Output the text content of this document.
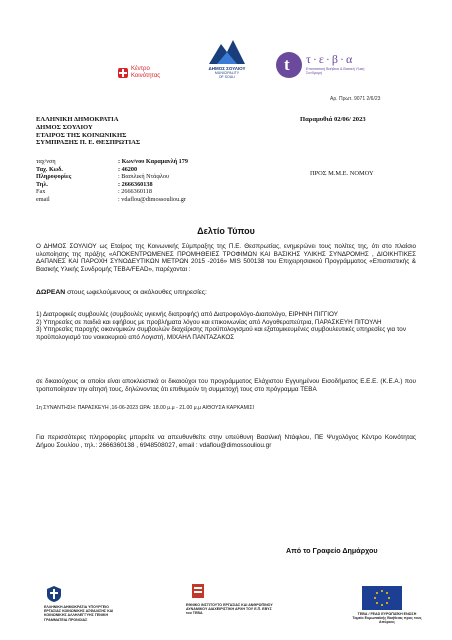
Κέντρο
Κοινότητας
ΔΗΜΟΣ ΣΟΥΛΙΟΥ
MUNICIPALITY
OF SOULI
t
τ·ε·β·α
Επισιτιστική Βοήθεια & Βασική Υλική Συνδρομή
Αρ. Πρωτ. 9071 2/6/23
ΕΛΛΗΝΙΚΗ ΔΗΜΟΚΡΑΤΙΑ
ΔΗΜΟΣ ΣΟΥΛΙΟΥ
ΕΤΑΙΡΟΣ ΤΗΣ ΚΟΙΝΩΝΙΚΗΣ
ΣΥΜΠΡΑΞΗΣ Π. Ε. ΘΕΣΠΡΩΤΙΑΣ
Παραμυθιά 02/06/ 2023
ταχ/νση	: Κων/νου Καραμανλή 179
Ταχ. Κωδ.	: 46200
Πληροφορίες	: Βασιλική Ντάφλου
Τηλ.	: 2666360138
Fax	: 2666360118
email	: vdaflou@dimossouliou.gr
ΠΡΟΣ Μ.Μ.Ε. ΝΟΜΟΥ
Δελτίο Τύπου
Ο ΔΗΜΟΣ ΣΟΥΛΙΟΥ ως Εταίρος της Κοινωνικής Σύμπραξης της Π.Ε. Θεσπρωτίας, ενημερώνει τους πολίτες της, ότι στο πλαίσιο υλοποίησης της πράξης «ΑΠΟΚΕΝΤΡΩΜΕΝΕΣ ΠΡΟΜΗΘΕΙΕΣ ΤΡΟΦΙΜΩΝ ΚΑΙ ΒΑΣΙΚΗΣ ΥΛΙΚΗΣ ΣΥΝΔΡΟΜΗΣ , ΔΙΟΙΚΗΤΙΚΕΣ ΔΑΠΑΝΕΣ ΚΑΙ ΠΑΡΟΧΗ ΣΥΝΟΔΕΥΤΙΚΩΝ ΜΕΤΡΩΝ 2015 -2016» MIS 500138 του Επιχειρησιακού Προγράμματος «Επισιτιστικής & Βασικής Υλικής Συνδρομής ΤΕΒΑ/FEAD», παρέχονται :
ΔΩΡΕΑΝ στους ωφελούμενους οι ακόλουθες υπηρεσίες:
1) Διατροφικές συμβουλές (συμβουλές υγιεινής διατροφής) από Διατροφολόγο-Διαιτολόγο, ΕΙΡΗΝΗ ΠΙΓΓΙΟΥ
2) Υπηρεσίες σε παιδιά και εφήβους με προβλήματα λόγου και επικοινωνίας από Λογοθεραπεύτρια, ΠΑΡΑΣΚΕΥΗ ΠΙΤΟΥΛΗ
3) Υπηρεσίες παροχής οικονομικών συμβουλών διαχείρισης προϋπολογισμού και εξατομικευμένες συμβουλευτικές υπηρεσίες για τον προϋπολογισμό του νοικοκυριού από Λογιστή, ΜΙΧΑΗΛ ΠΑΝΤΑΖΑΚΟΣ
σε δικαιούχους οι οποίοι είναι αποκλειστικά οι δικαιούχοι του προγράμματος Ελάχιστου Εγγυημένου Εισοδήματος Ε.Ε.Ε. (Κ.Ε.Α.) που τροποποίησαν την αίτησή τους, δηλώνοντας ότι επιθυμούν τη συμμετοχή τους στο πρόγραμμα ΤΕΒΑ
1η ΣΥΝΑΝΤΗΣΗ: ΠΑΡΑΣΚΕΥΗ ,16-06-2023 ΩΡΑ: 18.00 μ.μ - 21.00 μ.μ ΑΙΘΟΥΣΑ ΚΑΡΚΑΜΙΣΙ
Για περισσότερες πληροφορίες μπορείτε να απευθυνθείτε στην υπεύθυνη Βασιλική Ντάφλου, ΠΕ Ψυχολόγος Κέντρο Κοινότητας Δήμου Σουλίου , τηλ.: 2666360138 , 6948508027, email : vdaflou@dimossouliou.gr
Από το Γραφείο Δημάρχου
ΕΛΛΗΝΙΚΗ ΔΗΜΟΚΡΑΤΙΑ ΥΠΟΥΡΓΕΙΟ ΕΡΓΑΣΙΑΣ ΚΟΙΝΩΝΙΚΗΣ ΑΣΦΑΛΙΣΗΣ ΚΑΙ ΚΟΙΝΩΝΙΚΗΣ ΑΛΛΗΛΕΓΓΥΗΣ ΓΕΝΙΚΗ ΓΡΑΜΜΑΤΕΙΑ ΠΡΟΝΟΙΑΣ
ΕΘΝΙΚΟ ΙΝΣΤΙΤΟΥΤΟ ΕΡΓΑΣΙΑΣ ΚΑΙ ΑΝΘΡΩΠΙΝΟΥ ΔΥΝΑΜΙΚΟΥ ΔΙΑΧΕΙΡΙΣΤΙΚΗ ΑΡΧΗ ΤΟΥ Ε.Π. ΕΒΥΣ του ΤΕΒΑ	ΤΕΒΑ / FEAD ΕΥΡΩΠΑΪΚΗ ΕΝΩΣΗ Ταμείο Ευρωπαϊκής Βοήθειας προς τους Απόρους
